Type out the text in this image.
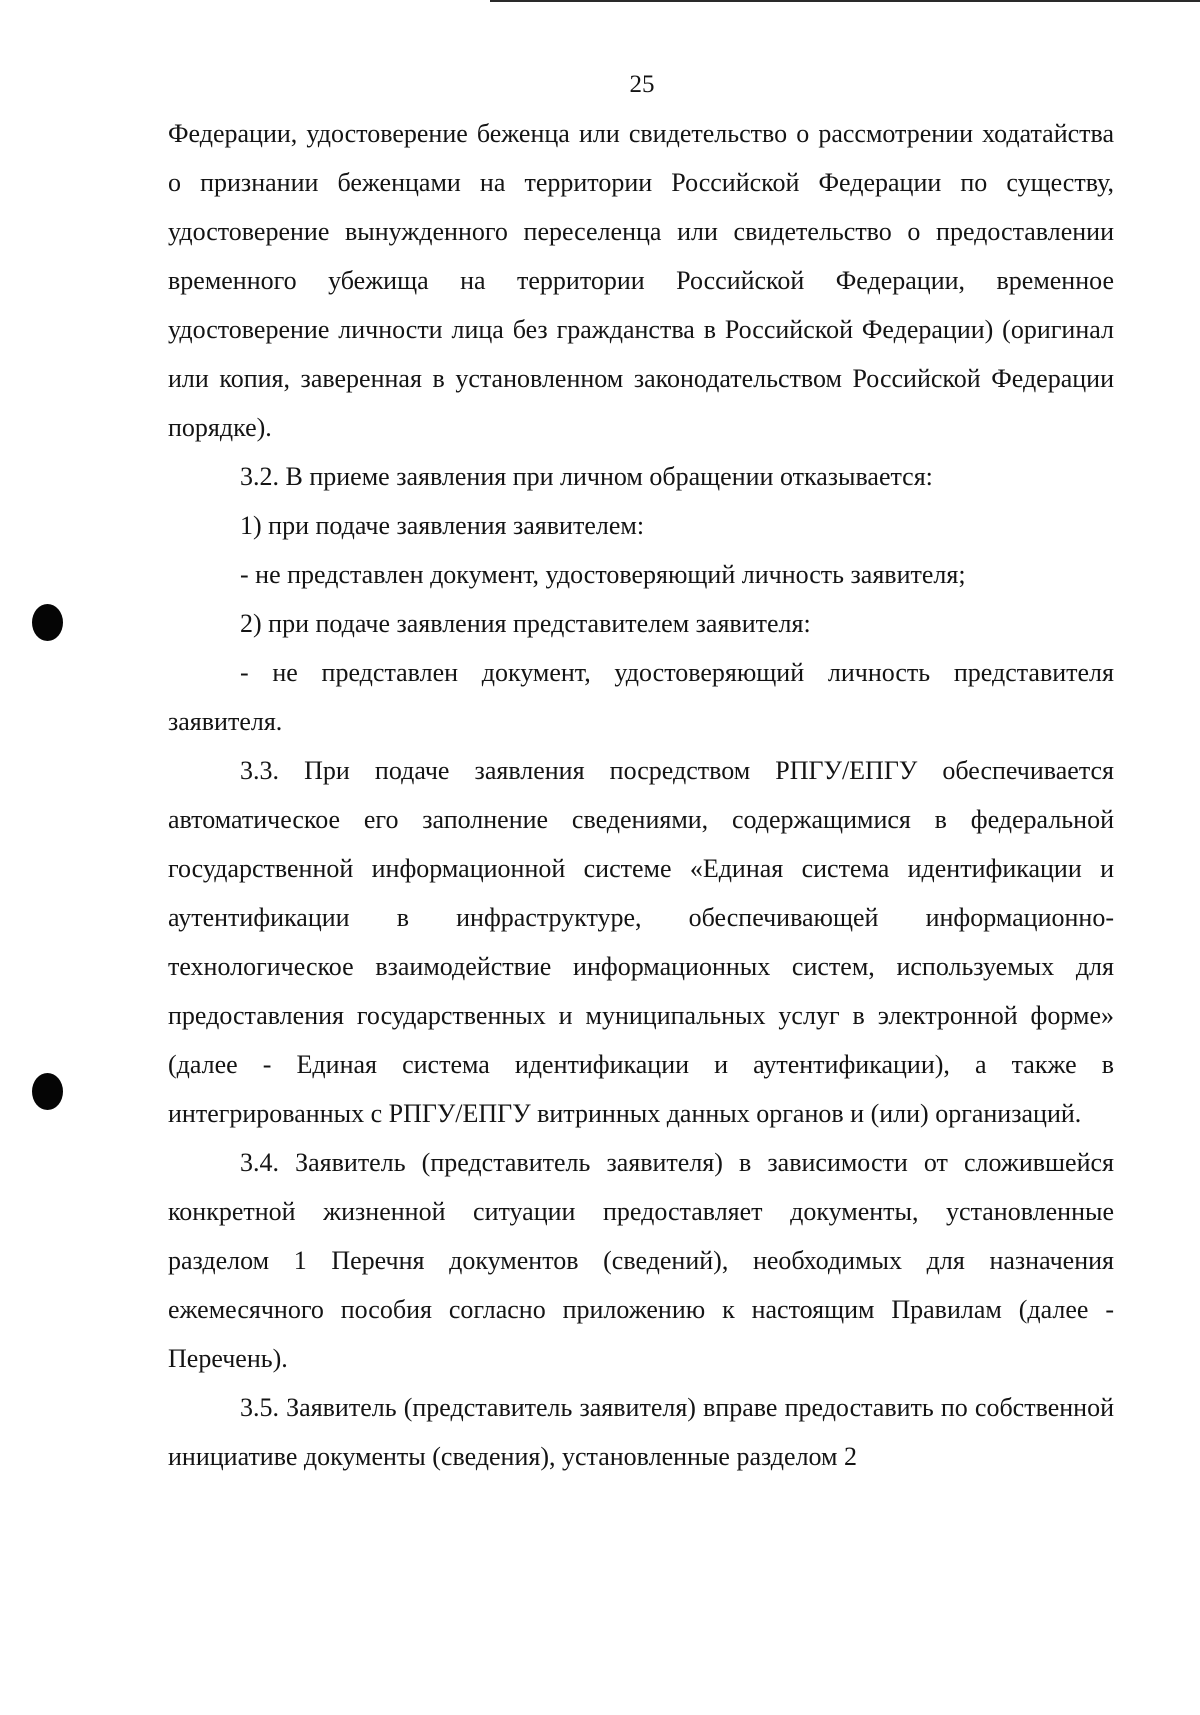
25

Федерации, удостоверение беженца или свидетельство о рассмотрении ходатайства о признании беженцами на территории Российской Федерации по существу, удостоверение вынужденного переселенца или свидетельство о предоставлении временного убежища на территории Российской Федерации, временное удостоверение личности лица без гражданства в Российской Федерации) (оригинал или копия, заверенная в установленном законодательством Российской Федерации порядке).

3.2. В приеме заявления при личном обращении отказывается:

1) при подаче заявления заявителем:

- не представлен документ, удостоверяющий личность заявителя;

2) при подаче заявления представителем заявителя:

- не представлен документ, удостоверяющий личность представителя заявителя.

3.3. При подаче заявления посредством РПГУ/ЕПГУ обеспечивается автоматическое его заполнение сведениями, содержащимися в федеральной государственной информационной системе «Единая система идентификации и аутентификации в инфраструктуре, обеспечивающей информационно-технологическое взаимодействие информационных систем, используемых для предоставления государственных и муниципальных услуг в электронной форме» (далее - Единая система идентификации и аутентификации), а также в интегрированных с РПГУ/ЕПГУ витринных данных органов и (или) организаций.

3.4. Заявитель (представитель заявителя) в зависимости от сложившейся конкретной жизненной ситуации предоставляет документы, установленные разделом 1 Перечня документов (сведений), необходимых для назначения ежемесячного пособия согласно приложению к настоящим Правилам (далее - Перечень).

3.5. Заявитель (представитель заявителя) вправе предоставить по собственной инициативе документы (сведения), установленные разделом 2
